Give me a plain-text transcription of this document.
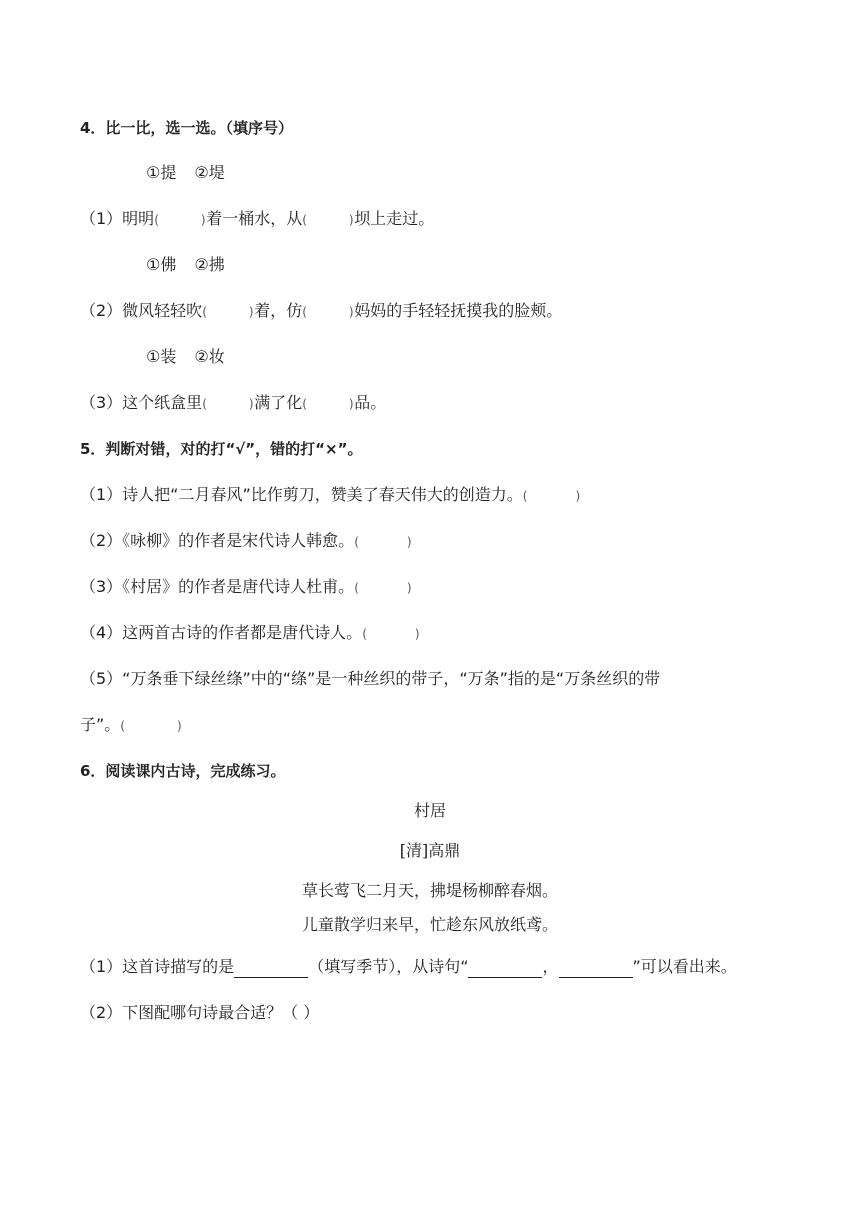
4．比一比，选一选。（填序号）
①提 ②堤
（1）明明(	)着一桶水，从(	)坝上走过。
①佛 ②拂
（2）微风轻轻吹(	)着，仿(	)妈妈的手轻轻抚摸我的脸颊。
①装 ②妆
（3）这个纸盒里(	)满了化(	)品。
5．判断对错，对的打“√”，错的打“×”。
（1）诗人把“二月春风”比作剪刀，赞美了春天伟大的创造力。(	)
（2）《咏柳》的作者是宋代诗人韩愈。(	)
（3）《村居》的作者是唐代诗人杜甫。(	)
（4）这两首古诗的作者都是唐代诗人。(	)
（5）“万条垂下绿丝绦”中的“绦”是一种丝织的带子，“万条”指的是“万条丝织的带
子”。(	)
6．阅读课内古诗，完成练习。
村居
[清]高鼎
草长莺飞二月天，拂堤杨柳醉春烟。
儿童散学归来早，忙趁东风放纸鸢。
（1）这首诗描写的是	（填写季节），从诗句“	，	”可以看出来。
（2）下图配哪句诗最合适？（ ）
